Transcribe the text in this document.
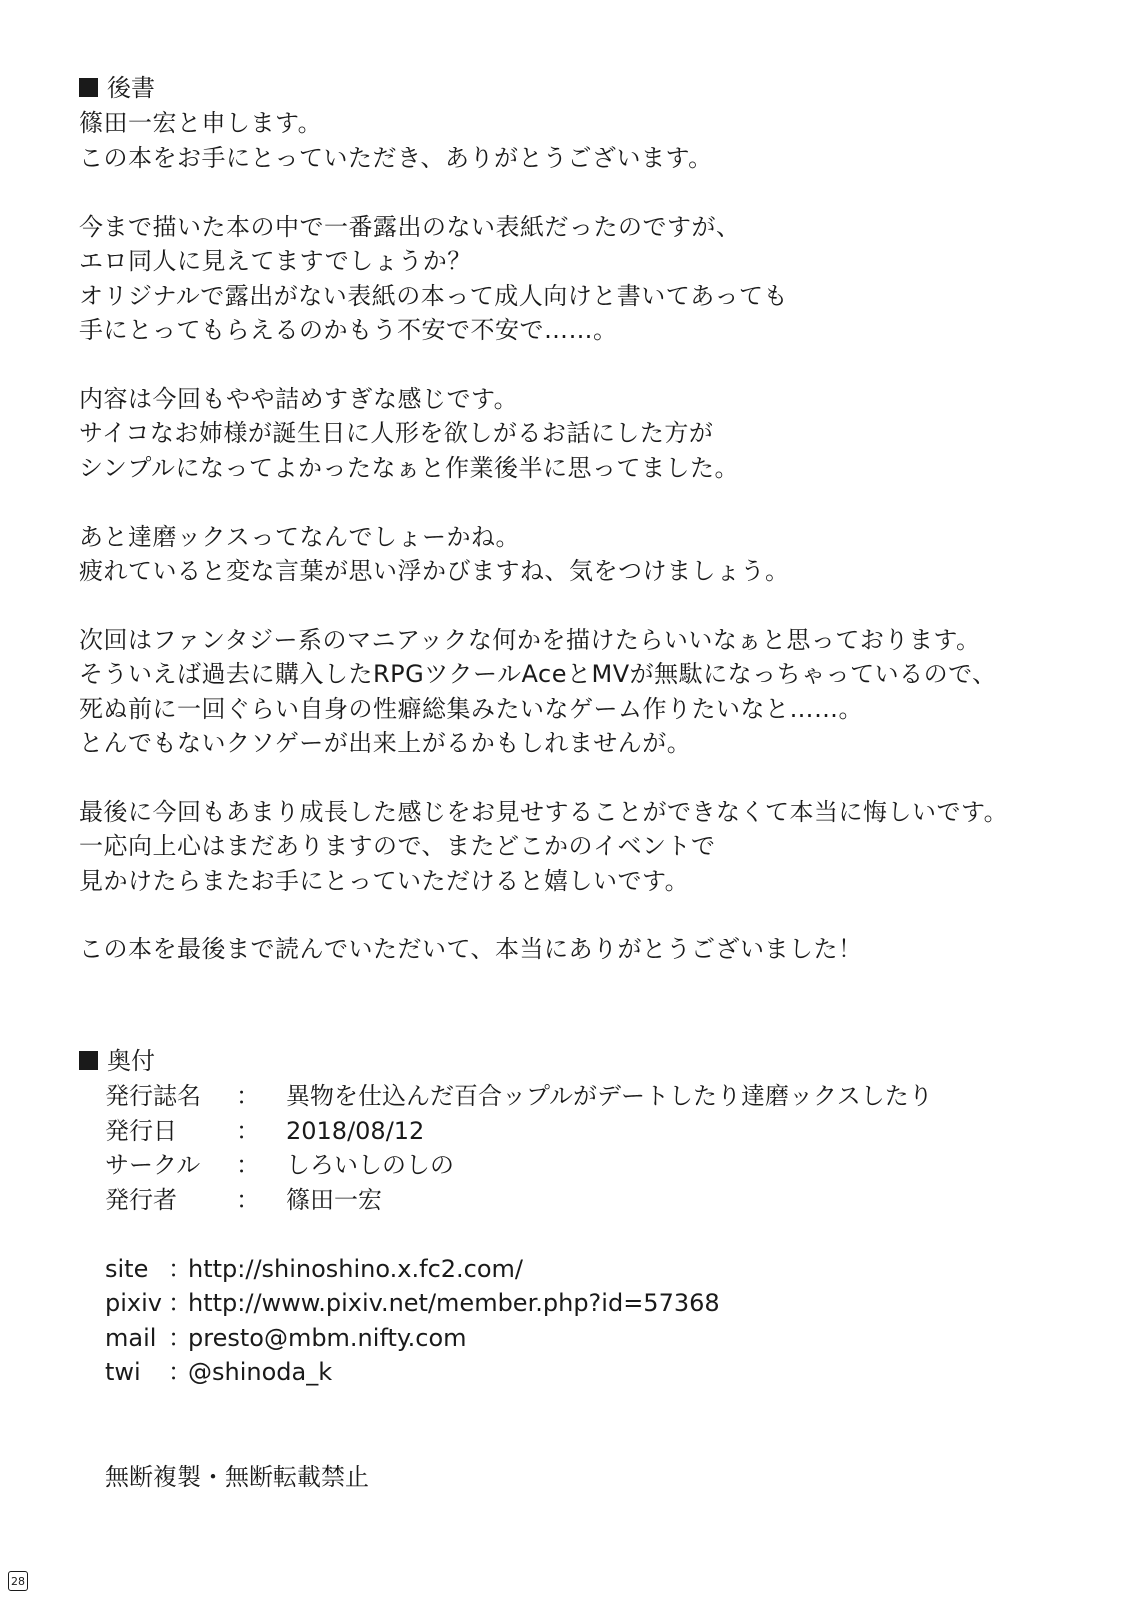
後書
篠田一宏と申します。
この本をお手にとっていただき、ありがとうございます。
今まで描いた本の中で一番露出のない表紙だったのですが、
エロ同人に見えてますでしょうか？
オリジナルで露出がない表紙の本って成人向けと書いてあっても
手にとってもらえるのかもう不安で不安で……。
内容は今回もやや詰めすぎな感じです。
サイコなお姉様が誕生日に人形を欲しがるお話にした方が
シンプルになってよかったなぁと作業後半に思ってました。
あと達磨ックスってなんでしょーかね。
疲れていると変な言葉が思い浮かびますね、気をつけましょう。
次回はファンタジー系のマニアックな何かを描けたらいいなぁと思っております。
そういえば過去に購入したRPGツクールAceとMVが無駄になっちゃっているので、
死ぬ前に一回ぐらい自身の性癖総集みたいなゲーム作りたいなと……。
とんでもないクソゲーが出来上がるかもしれませんが。
最後に今回もあまり成長した感じをお見せすることができなくて本当に悔しいです。
一応向上心はまだありますので、またどこかのイベントで
見かけたらまたお手にとっていただけると嬉しいです。
この本を最後まで読んでいただいて、本当にありがとうございました！
奥付
発行誌名 ： 異物を仕込んだ百合ップルがデートしたり達磨ックスしたり
発行日 ： 2018/08/12
サークル ： しろいしのしの
発行者 ： 篠田一宏
site ：
http://shinoshino.x.fc2.com/
pixiv ：
http://www.pixiv.net/member.php?id=57368
mail ：
presto@mbm.nifty.com
twi ：
@shinoda_k
無断複製・無断転載禁止
28
